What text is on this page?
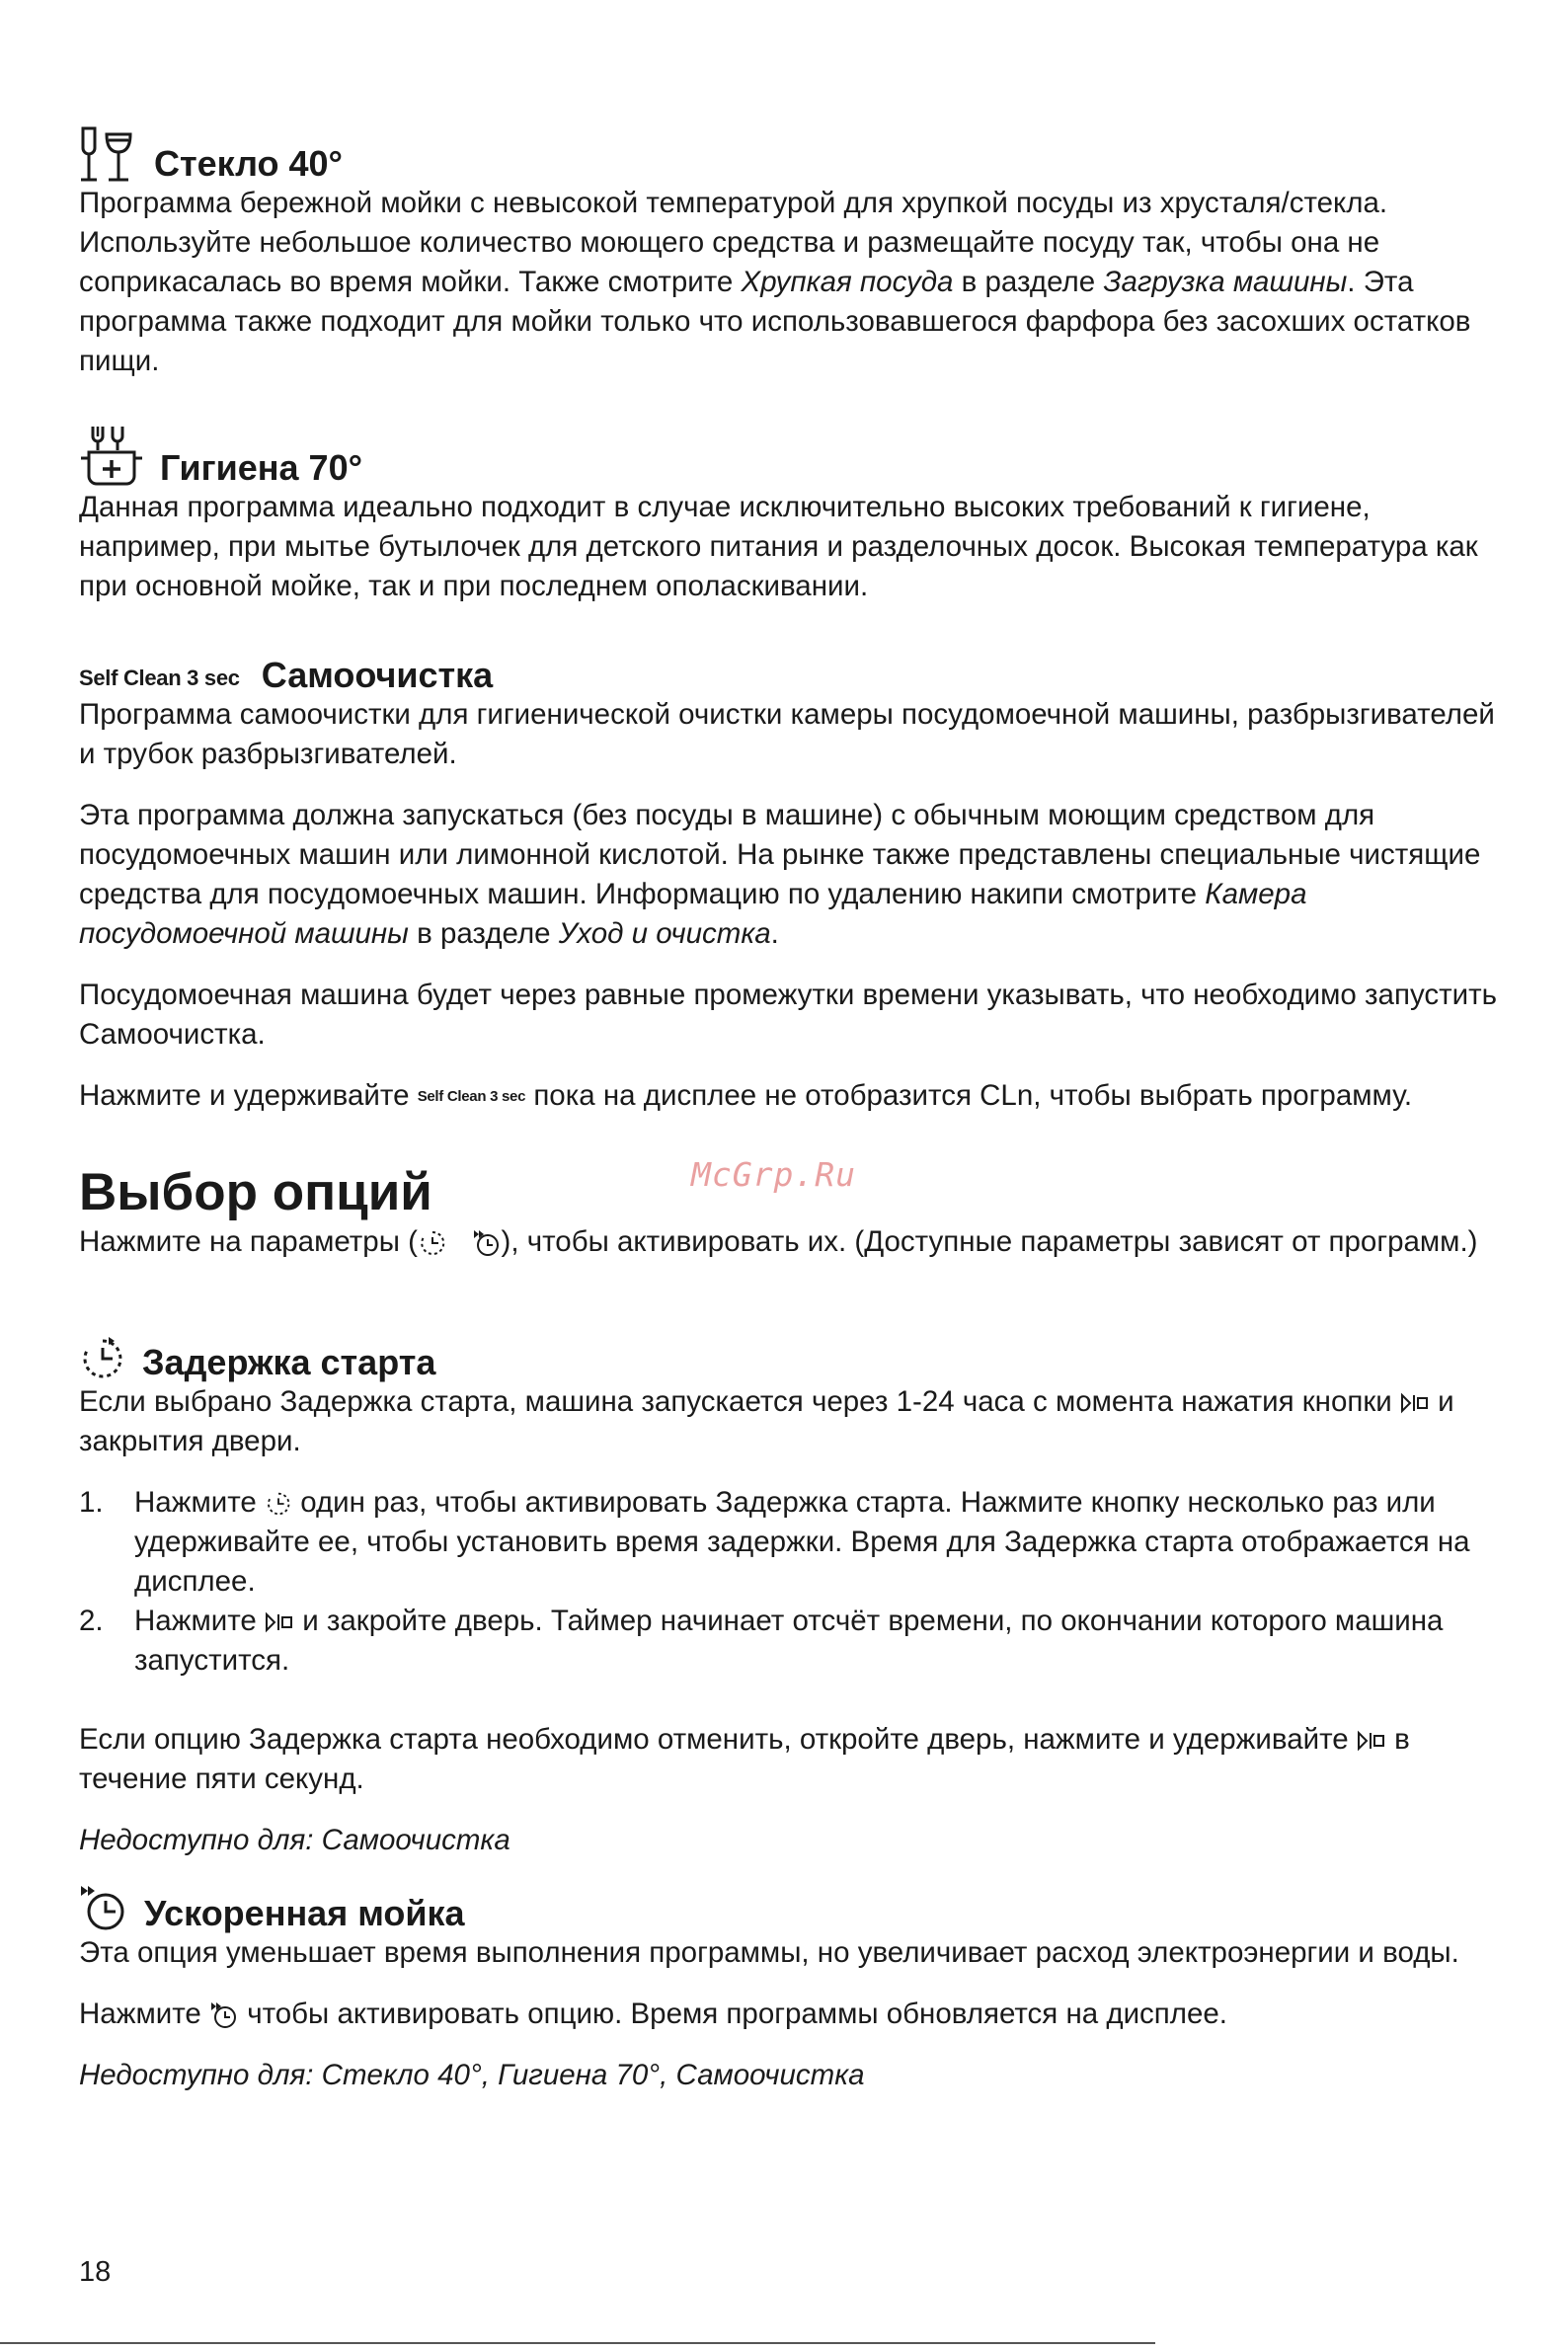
Стекло 40°

Программа бережной мойки с невысокой температурой для хрупкой посуды из хрусталя/стекла. Используйте небольшое количество моющего средства и размещайте посуду так, чтобы она не соприкасалась во время мойки. Также смотрите Хрупкая посуда в разделе Загрузка машины. Эта программа также подходит для мойки только что использовавшегося фарфора без засохших остатков пищи.

Гигиена 70°

Данная программа идеально подходит в случае исключительно высоких требований к гигиене, например, при мытье бутылочек для детского питания и разделочных досок. Высокая температура как при основной мойке, так и при последнем ополаскивании.

Self Clean 3 sec Самоочистка

Программа самоочистки для гигиенической очистки камеры посудомоечной машины, разбрызгивателей и трубок разбрызгивателей.

Эта программа должна запускаться (без посуды в машине) с обычным моющим средством для посудомоечных машин или лимонной кислотой. На рынке также представлены специальные чистящие средства для посудомоечных машин. Информацию по удалению накипи смотрите Камера посудомоечной машины в разделе Уход и очистка.

Посудомоечная машина будет через равные промежутки времени указывать, что необходимо запустить Самоочистка.

Нажмите и удерживайте Self Clean 3 sec пока на дисплее не отобразится CLn, чтобы выбрать программу.

Выбор опций

Нажмите на параметры (
	), чтобы активировать их. (Доступные параметры зависят от программ.)

Задержка старта

Если выбрано Задержка старта, машина запускается через 1-24 часа с момента нажатия кнопки
и закрытия двери.

1.	Нажмите
один раз, чтобы активировать Задержка старта. Нажмите кнопку несколько раз или удерживайте ее, чтобы установить время задержки. Время для Задержка старта отображается на дисплее.
2.	Нажмите
и закройте дверь. Таймер начинает отсчёт времени, по окончании которого машина запустится.

Если опцию Задержка старта необходимо отменить, откройте дверь, нажмите и удерживайте
в течение пяти секунд.

Недоступно для: Самоочистка

Ускоренная мойка

Эта опция уменьшает время выполнения программы, но увеличивает расход электроэнергии и воды.

Нажмите
чтобы активировать опцию. Время программы обновляется на дисплее.

Недоступно для: Стекло 40°, Гигиена 70°, Самоочистка

McGrp.Ru
18
